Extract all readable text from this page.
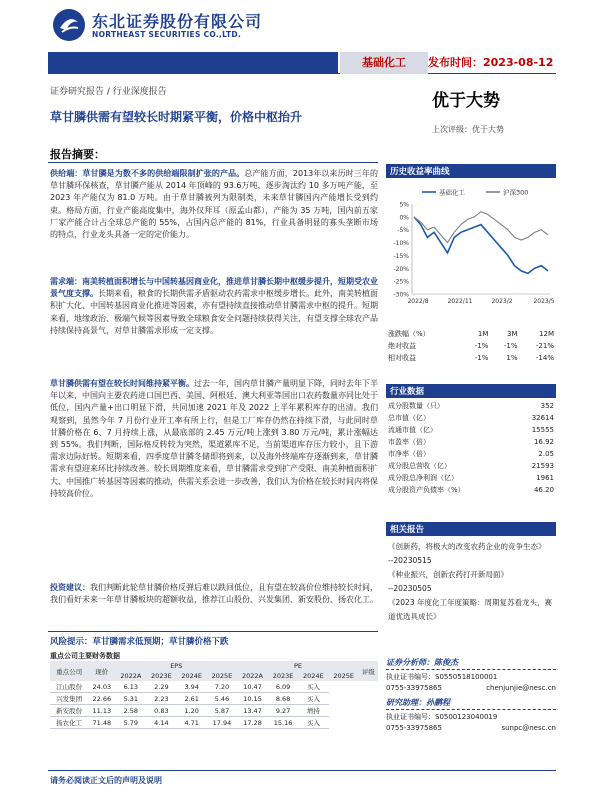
东北证券股份有限公司
NORTHEAST SECURITIES CO.,LTD.
基础化工	发布时间：2023-08-12
证券研究报告 / 行业深度报告	优于大势
草甘膦供需有望较长时期紧平衡，价格中枢抬升
上次评级：优于大势
报告摘要：
供给端：草甘膦是为数不多的供给端限制扩张的产品。总产能方面，2013年以来历时三年的草甘膦环保核查，草甘膦产能从 2014 年顶峰的 93.6万吨，逐步淘汰约 10 多万吨产能，至 2023 年产能仅为 81.0 万吨。由于草甘膦被列为限制类，未来草甘膦国内产能增长受到约束。格局方面，行业产能高度集中，海外仅拜耳（原孟山都），产能为 35 万吨，国内前五家厂家产能合计占全球总产能的 55%，占国内总产能的 81%，行业具备明显的寡头垄断市场的特点，行业龙头具备一定的定价能力。
需求端：南美转植面积增长与中国转基因商业化，推进草甘膦长期中枢缓步提升，短期受农业景气度支撑。长期来看，粮食的长期供需矛盾驱动农药需求中枢缓步增长。此外，南美转植面积扩大化、中国转基因商业化推进等因素，亦有望持续直接推动草甘膦需求中枢的提升。短期来看，地缘政治、极端气候等因素导致全球粮食安全问题持续获得关注，有望支撑全球农产品持续保持高景气，对草甘膦需求形成一定支撑。
草甘膦供需有望在较长时间维持紧平衡。过去一年，国内草甘膦产量明显下降，同时去年下半年以来，中国向主要农药进口国巴西、美国、阿根廷、澳大利亚等国出口农药数量亦同比处于低位，国内产量+出口明显下滑，共同加速 2021 年及 2022 上半年累积库存的出清。我们观察到，虽然今年 7 月份行业开工率有所上行，但是工厂库存仍然在持续下滑，与此同时草甘膦价格在 6、7 月持续上涨，从最底部的 2.45 万元/吨上涨到 3.80 万元/吨，累计涨幅达到 55%。我们判断，国际格反转较为突然，渠道累库不足，当前渠道库存压力较小，且下游需求边际好转。短期来看，四季度草甘膦冬储即将到来，以及海外终端库存逐渐到来，草甘膦需求有望迎来环比持续改善。较长周期维度来看，草甘膦需求受到扩产受限、南美种植面积扩大、中国推广转基因等因素的推动，供需关系会进一步改善，我们认为价格在较长时间内将保持较高价位。
投资建议：我们判断此轮草甘膦价格反弹后难以跌回低位，且有望在较高价位维持较长时间，我们看好未来一年草甘膦板块的超额收益，推荐江山股份、兴发集团、新安股份、扬农化工。
风险提示：草甘膦需求低预期；草甘膦价格下跌
重点公司主要财务数据
重点公司	现价	EPS				PE				评级
		2022A	2023E	2024E	2025E	2022A	2023E	2024E	2025E	
江山股份	24.03	6.13	2.29	3.94	7.20	10.47	6.09	买入		
兴发集团	22.66	5.31	2.23	2.61	5.46	10.15	8.68	买入		
新安股份	11.13	2.58	0.83	1.20	5.87	13.47	9.27	增持		
扬农化工	71.48	5.79	4.14	4.71	17.94	17.28	15.16	买入		
历史收益率曲线
5%
0%
-5%
-10%
-15%
-20%
-25%
-30%
2022/8	2022/11	2023/2	2023/5
基础化工	沪深300
涨跌幅（%）	1M	3M	12M
绝对收益	-1%	-1%	-21%
相对收益	-1%	1%	-14%
行业数据
成分股数量（只）	352
总市值（亿）	32614
流通市值（亿）	15555
市盈率（倍）	16.92
市净率（倍）	2.05
成分股总营收（亿）	21593
成分股总净利润（亿）	1961
成分股资产负债率（%）	46.20
相关报告
《创新药，将极大的改变农药企业的竞争生态》
--20230515
《种业振兴，创新农药打开新局面》
--20230505
《2023 年度化工年度策略：周期复苏看龙头，赛道优选具成长》
证券分析师：陈俊杰
执业证书编号：S0550518100001
0755-33975865	chenjunjie@nesc.cn
研究助理：孙鹏程
执业证书编号：S0500123040019
0755-33975865	sunpc@nesc.cn
请务必阅读正文后的声明及说明
